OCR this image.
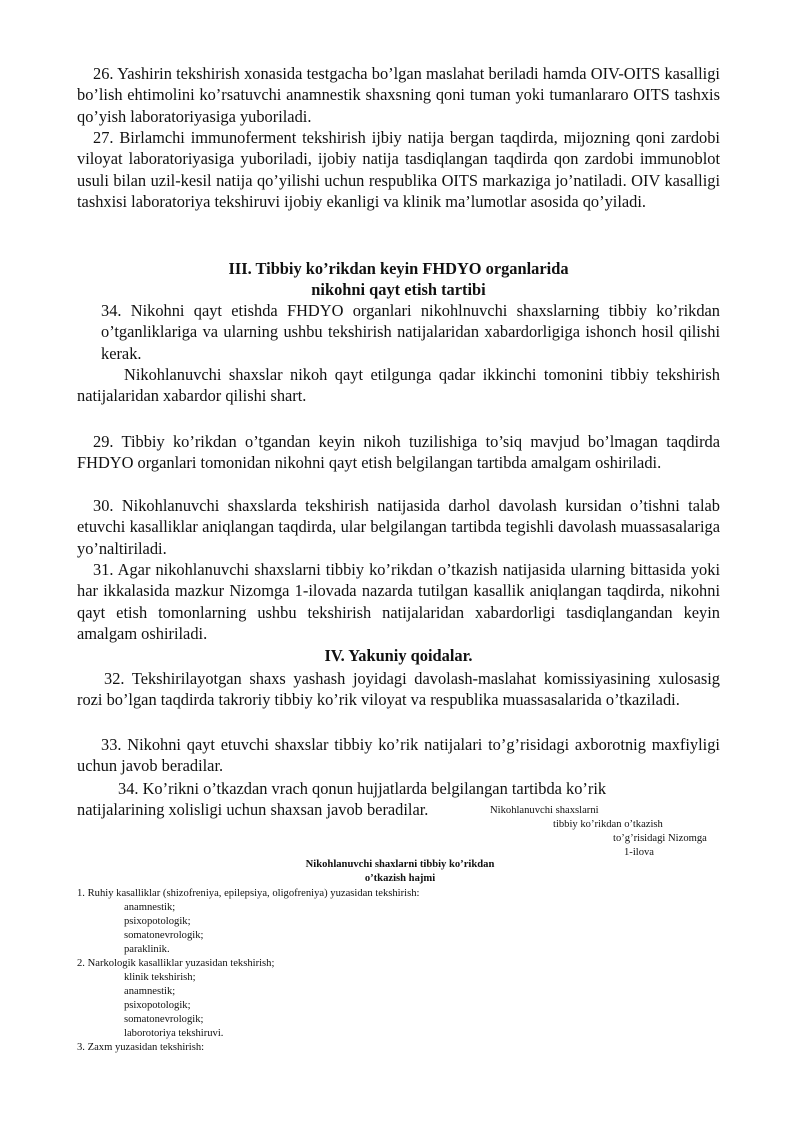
26. Yashirin tekshirish xonasida testgacha bo’lgan maslahat beriladi hamda OIV-OITS kasalligi bo’lish ehtimolini ko’rsatuvchi anamnestik shaxsning qoni tuman yoki tumanlararo OITS tashxis qo’yish laboratoriyasiga yuboriladi.

27. Birlamchi immunoferment tekshirish ijbiy natija bergan taqdirda, mijozning qoni zardobi viloyat laboratoriyasiga yuboriladi, ijobiy natija tasdiqlangan taqdirda qon zardobi immunoblot usuli bilan uzil-kesil natija qo’yilishi uchun respublika OITS markaziga jo’natiladi. OIV kasalligi tashxisi laboratoriya tekshiruvi ijobiy ekanligi va klinik ma’lumotlar asosida qo’yiladi.

III. Tibbiy ko’rikdan keyin FHDYO organlarida

nikohni qayt etish tartibi

34. Nikohni qayt etishda FHDYO organlari nikohlnuvchi shaxslarning tibbiy ko’rikdan o’tganliklariga va ularning ushbu tekshirish natijalaridan xabardorligiga ishonch hosil qilishi kerak.

Nikohlanuvchi shaxslar nikoh qayt etilgunga qadar ikkinchi tomonini tibbiy tekshirish natijalaridan xabardor qilishi shart.

29. Tibbiy ko’rikdan o’tgandan keyin nikoh tuzilishiga to’siq mavjud bo’lmagan taqdirda FHDYO organlari tomonidan nikohni qayt etish belgilangan tartibda amalgam oshiriladi.

30. Nikohlanuvchi shaxslarda tekshirish natijasida darhol davolash kursidan o’tishni talab etuvchi kasalliklar aniqlangan taqdirda, ular belgilangan tartibda tegishli davolash muassasalariga yo’naltiriladi.

31. Agar nikohlanuvchi shaxslarni tibbiy ko’rikdan o’tkazish natijasida ularning bittasida yoki har ikkalasida mazkur Nizomga 1-ilovada nazarda tutilgan kasallik aniqlangan taqdirda, nikohni qayt etish tomonlarning ushbu tekshirish natijalaridan xabardorligi tasdiqlangandan keyin amalgam oshiriladi.

IV. Yakuniy qoidalar.

32. Tekshirilayotgan shaxs yashash joyidagi davolash-maslahat komissiyasining xulosasig rozi bo’lgan taqdirda takroriy tibbiy ko’rik viloyat va respublika muassasalarida o’tkaziladi.

33. Nikohni qayt etuvchi shaxslar tibbiy ko’rik natijalari to’g’risidagi axborotnig maxfiyligi uchun javob beradilar.

34. Ko’rikni o’tkazdan vrach qonun hujjatlarda belgilangan tartibda ko’rik

natijalarining xolisligi uchun shaxsan javob beradilar.	Nikohlanuvchi shaxslarni

tibbiy ko’rikdan o’tkazish

to’g’risidagi Nizomga

1-ilova

Nikohlanuvchi shaxlarni tibbiy ko’rikdan

o’tkazish hajmi

1. Ruhiy kasalliklar (shizofreniya, epilepsiya, oligofreniya) yuzasidan tekshirish:

anamnestik;

psixopotologik;

somatonevrologik;

paraklinik.

2. Narkologik kasalliklar yuzasidan tekshirish;

klinik tekshirish;

anamnestik;

psixopotologik;

somatonevrologik;

laborotoriya tekshiruvi.

3. Zaxm yuzasidan tekshirish:
